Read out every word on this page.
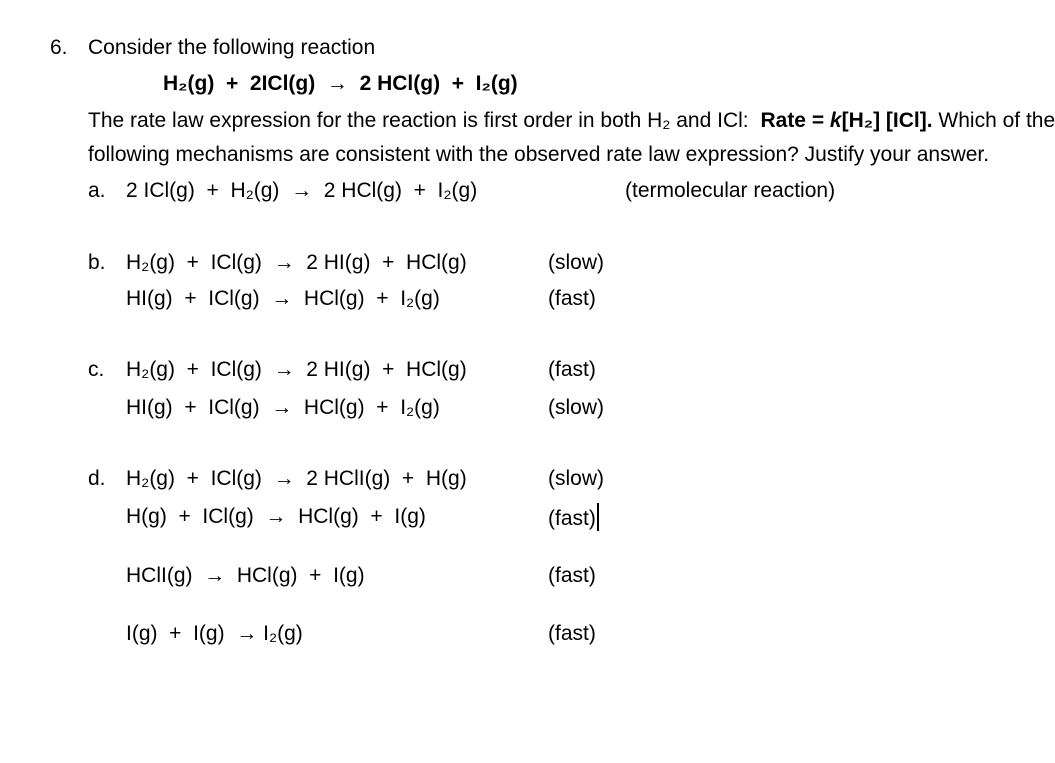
6. Consider the following reaction
H₂(g)  +  2ICl(g)  →  2 HCl(g)  +  I₂(g)
The rate law expression for the reaction is first order in both H₂ and ICl: Rate = k[H₂] [ICl]. Which of the
following mechanisms are consistent with the observed rate law expression? Justify your answer.
a. 2 ICl(g)  +  H₂(g)  →  2 HCl(g)  +  I₂(g)	(termolecular reaction)
b. H₂(g)  +  ICl(g)  →  2 HI(g)  +  HCl(g)	(slow)
HI(g)  +  ICl(g)  →  HCl(g)  +  I₂(g)	(fast)
c. H₂(g)  +  ICl(g)  →  2 HI(g)  +  HCl(g)	(fast)
HI(g)  +  ICl(g)  →  HCl(g)  +  I₂(g)	(slow)
d. H₂(g)  +  ICl(g)  →  2 HClI(g)  +  H(g)	(slow)
H(g)  +  ICl(g)  →  HCl(g)  +  I(g)	(fast)
HClI(g)  →  HCl(g)  +  I(g)	(fast)
I(g)  +  I(g)  → I₂(g)	(fast)
